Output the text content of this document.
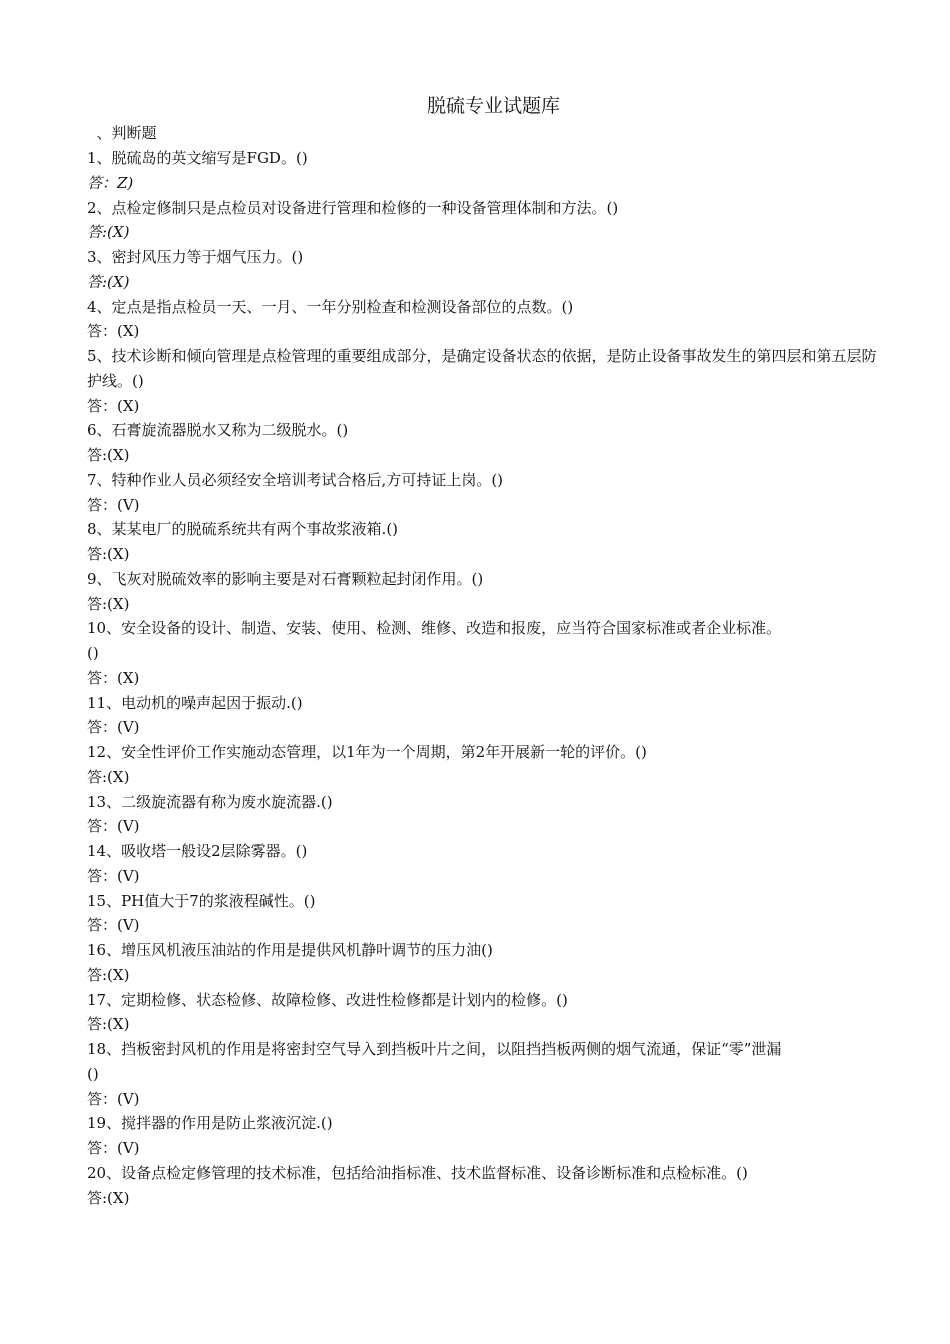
脱硫专业试题库
、判断题

1、脱硫岛的英文缩写是FGD。()

答：Z)

2、点检定修制只是点检员对设备进行管理和检修的一种设备管理体制和方法。()

答:(X)

3、密封风压力等于烟气压力。()

答:(X)

4、定点是指点检员一天、一月、一年分别检查和检测设备部位的点数。()

答：(X)

5、技术诊断和倾向管理是点检管理的重要组成部分，是确定设备状态的依据，是防止设备事故发生的第四层和第五层防护线。()

答：(X)

6、石膏旋流器脱水又称为二级脱水。()

答:(X)

7、特种作业人员必须经安全培训考试合格后,方可持证上岗。()

答：(V)

8、某某电厂的脱硫系统共有两个事故浆液箱.()

答:(X)

9、飞灰对脱硫效率的影响主要是对石膏颗粒起封闭作用。()

答:(X)

10、安全设备的设计、制造、安装、使用、检测、维修、改造和报废，应当符合国家标准或者企业标准。
()

答：(X)

11、电动机的噪声起因于振动.()

答：(V)

12、安全性评价工作实施动态管理，以1年为一个周期，第2年开展新一轮的评价。()

答:(X)

13、二级旋流器有称为废水旋流器.()

答：(V)

14、吸收塔一般设2层除雾器。()

答：(V)

15、PH值大于7的浆液程碱性。()

答：(V)

16、增压风机液压油站的作用是提供风机静叶调节的压力油()

答:(X)

17、定期检修、状态检修、故障检修、改进性检修都是计划内的检修。()

答:(X)

18、挡板密封风机的作用是将密封空气导入到挡板叶片之间，以阻挡挡板两侧的烟气流通，保证“零”泄漏
()

答：(V)

19、搅拌器的作用是防止浆液沉淀.()

答：(V)

20、设备点检定修管理的技术标准，包括给油指标准、技术监督标准、设备诊断标准和点检标准。()

答:(X)
